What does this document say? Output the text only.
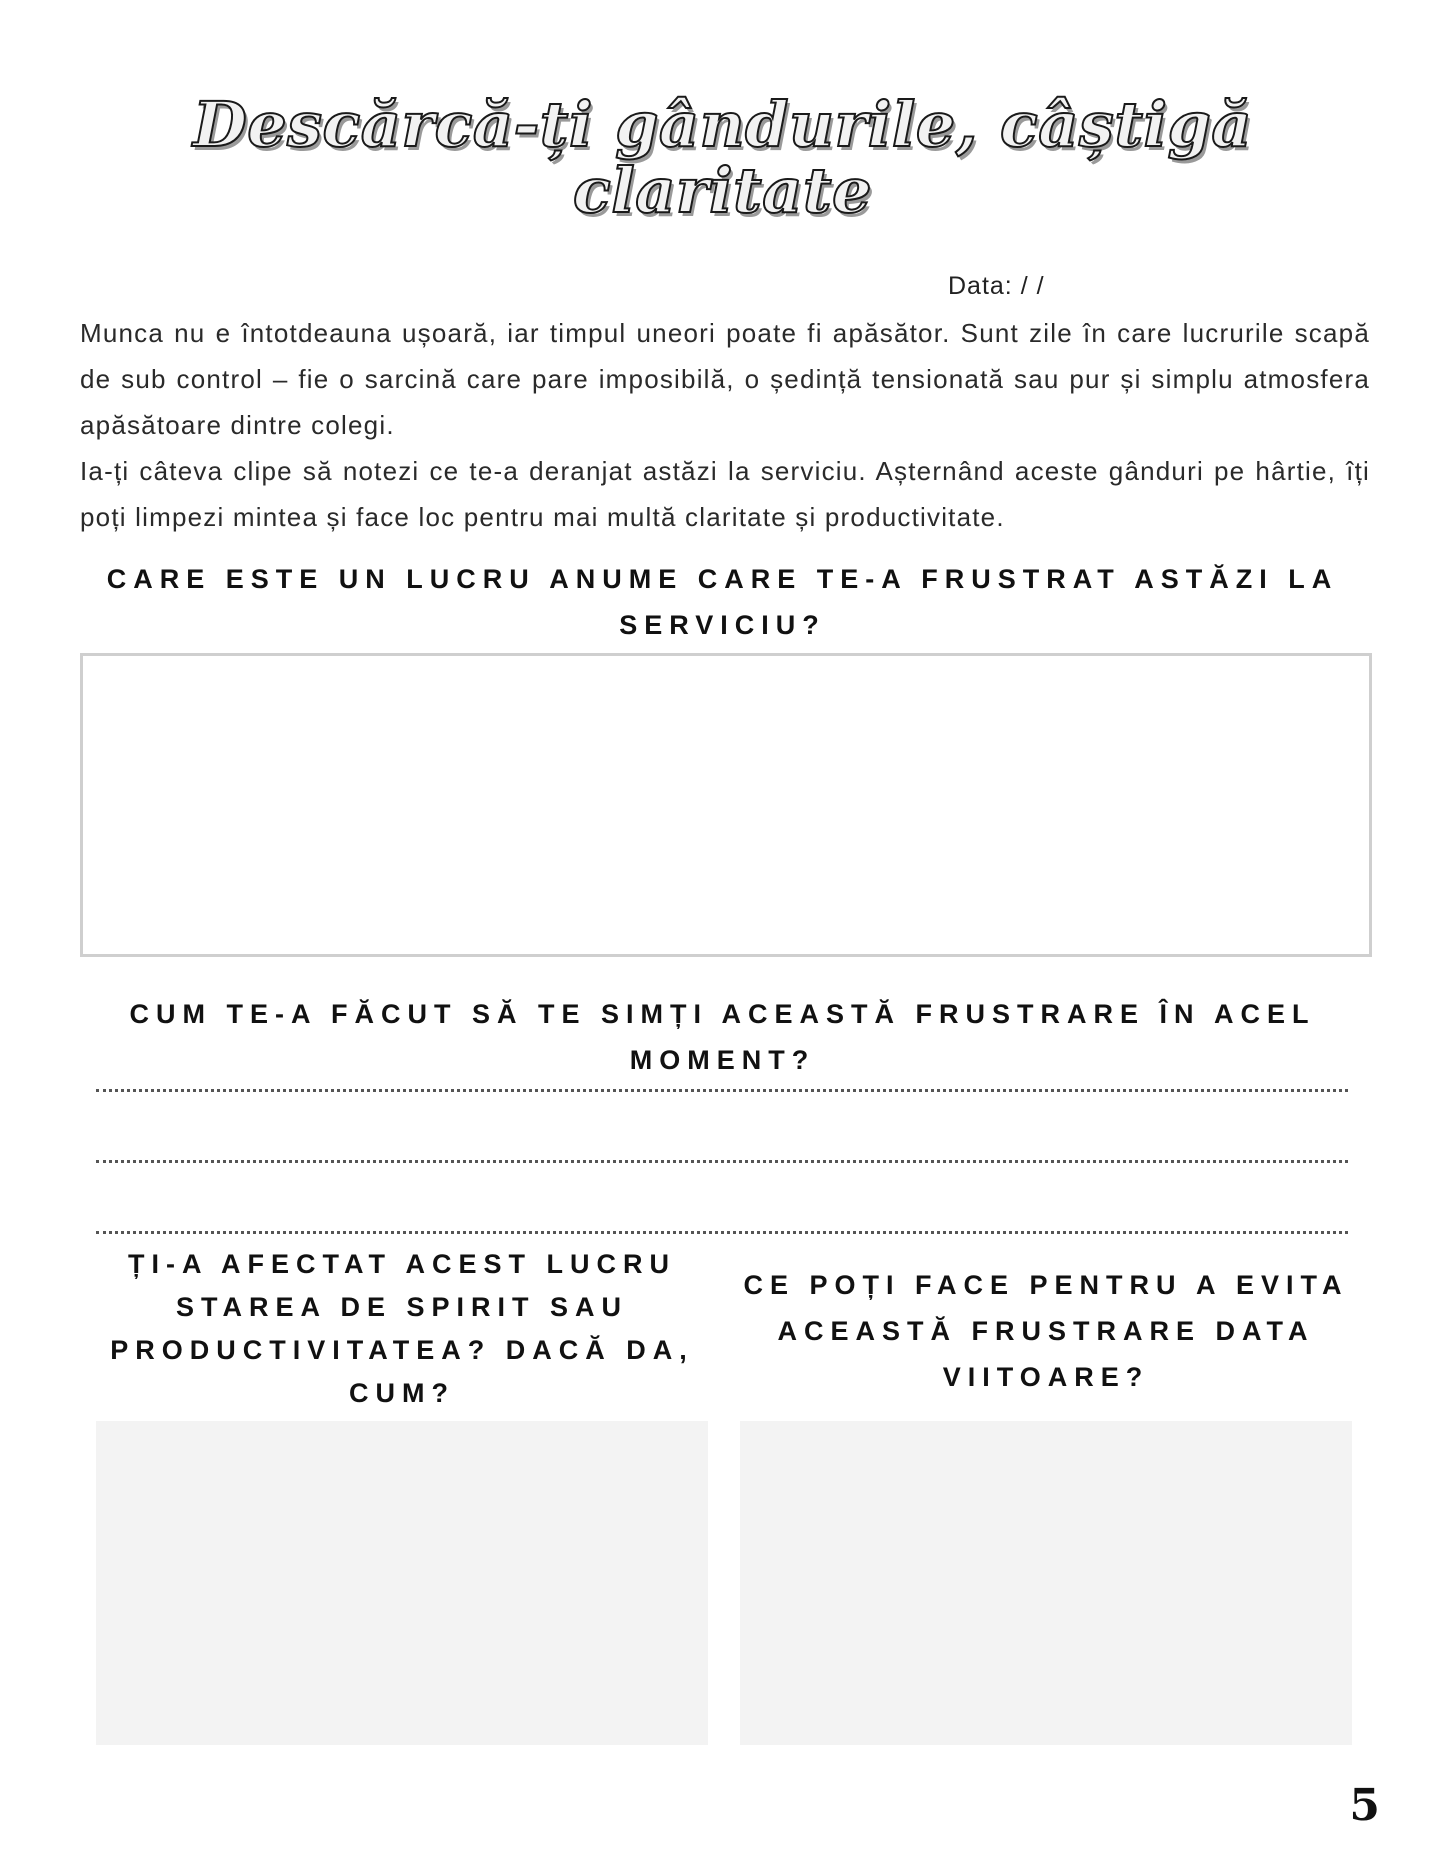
Descărcă-ți gândurile, câștigă claritate
Data: / /

Munca nu e întotdeauna ușoară, iar timpul uneori poate fi apăsător. Sunt zile în care lucrurile scapă de sub control – fie o sarcină care pare imposibilă, o ședință tensionată sau pur și simplu atmosfera apăsătoare dintre colegi.

Ia-ți câteva clipe să notezi ce te-a deranjat astăzi la serviciu. Așternând aceste gânduri pe hârtie, îți poți limpezi mintea și face loc pentru mai multă claritate și productivitate.

CARE ESTE UN LUCRU ANUME CARE TE-A FRUSTRAT ASTĂZI LA SERVICIU?
CUM TE-A FĂCUT SĂ TE SIMȚI ACEASTĂ FRUSTRARE ÎN ACEL MOMENT?
ȚI-A AFECTAT ACEST LUCRU STAREA DE SPIRIT SAU PRODUCTIVITATEA? DACĂ DA, CUM?
CE POȚI FACE PENTRU A EVITA ACEASTĂ FRUSTRARE DATA VIITOARE?
5
